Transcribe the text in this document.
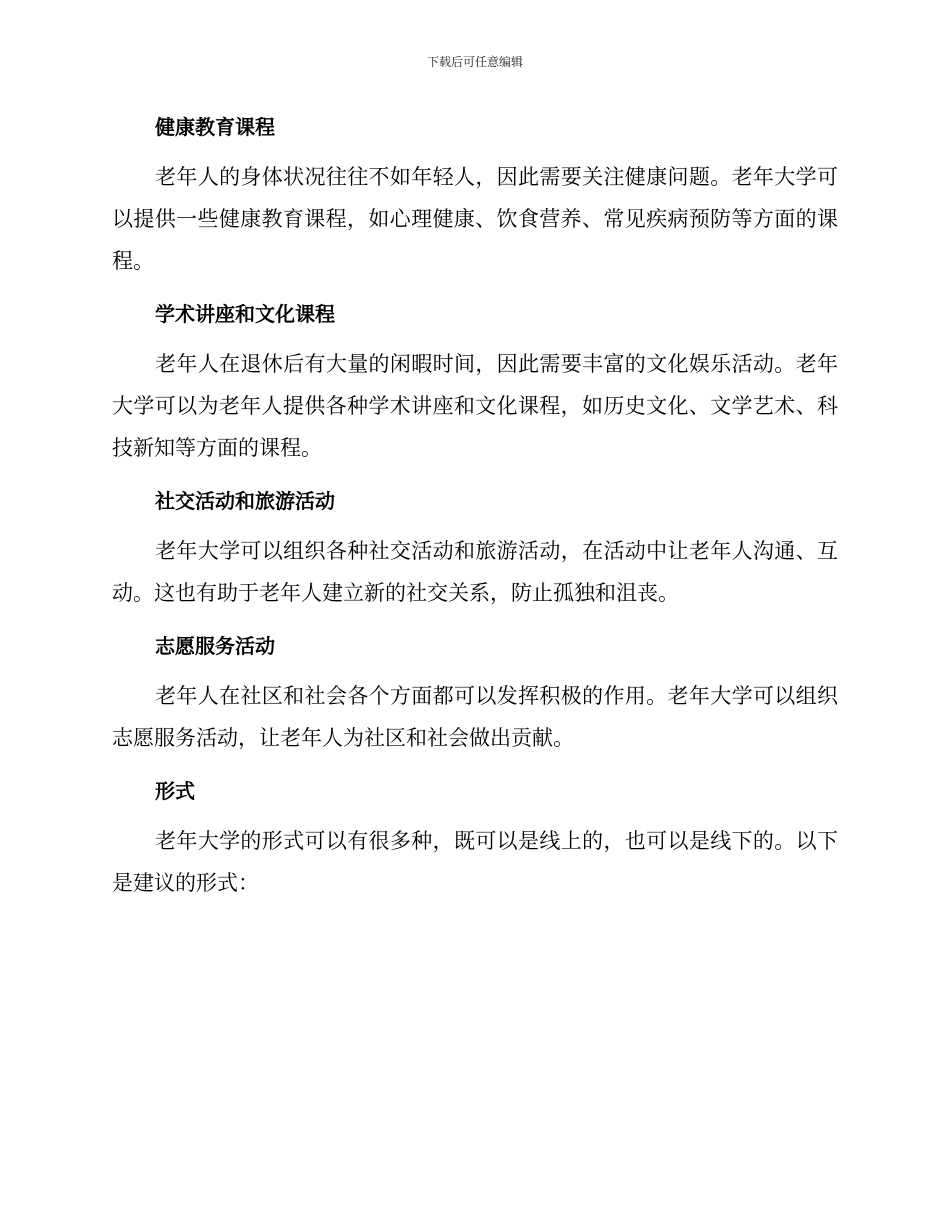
下载后可任意编辑
健康教育课程

老年人的身体状况往往不如年轻人，因此需要关注健康问题。老年大学可以提供一些健康教育课程，如心理健康、饮食营养、常见疾病预防等方面的课程。

学术讲座和文化课程

老年人在退休后有大量的闲暇时间，因此需要丰富的文化娱乐活动。老年大学可以为老年人提供各种学术讲座和文化课程，如历史文化、文学艺术、科技新知等方面的课程。

社交活动和旅游活动

老年大学可以组织各种社交活动和旅游活动，在活动中让老年人沟通、互动。这也有助于老年人建立新的社交关系，防止孤独和沮丧。

志愿服务活动

老年人在社区和社会各个方面都可以发挥积极的作用。老年大学可以组织志愿服务活动，让老年人为社区和社会做出贡献。

形式

老年大学的形式可以有很多种，既可以是线上的，也可以是线下的。以下是建议的形式：
